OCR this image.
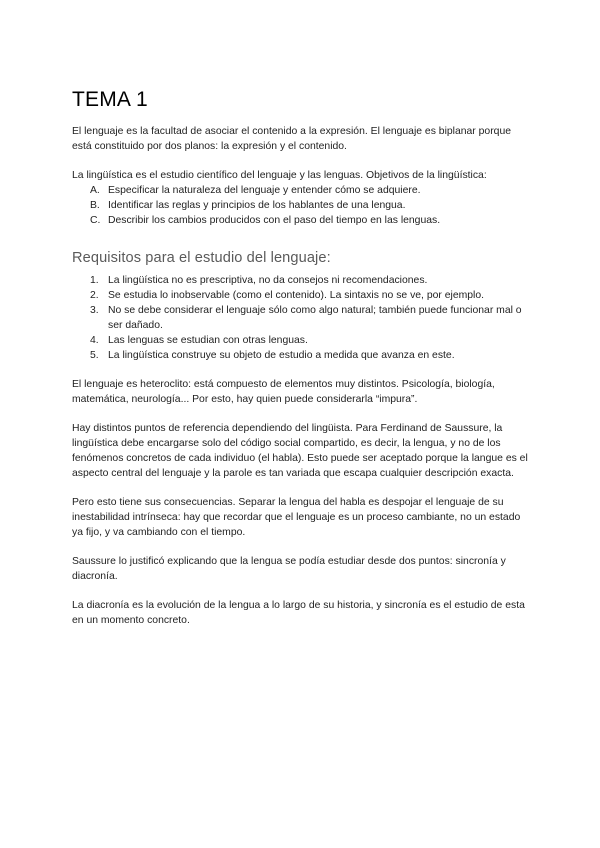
TEMA 1

El lenguaje es la facultad de asociar el contenido a la expresión. El lenguaje es biplanar porque está constituido por dos planos: la expresión y el contenido.

La lingüística es el estudio científico del lenguaje y las lenguas. Objetivos de la lingüística:

A. Especificar la naturaleza del lenguaje y entender cómo se adquiere.
B. Identificar las reglas y principios de los hablantes de una lengua.
C. Describir los cambios producidos con el paso del tiempo en las lenguas.
Requisitos para el estudio del lenguaje:
1. La lingüística no es prescriptiva, no da consejos ni recomendaciones.
2. Se estudia lo inobservable (como el contenido). La sintaxis no se ve, por ejemplo.
3. No se debe considerar el lenguaje sólo como algo natural; también puede funcionar mal o ser dañado.
4. Las lenguas se estudian con otras lenguas.
5. La lingüística construye su objeto de estudio a medida que avanza en este.

El lenguaje es heteroclito: está compuesto de elementos muy distintos. Psicología, biología, matemática, neurología... Por esto, hay quien puede considerarla “impura”.

Hay distintos puntos de referencia dependiendo del lingüista. Para Ferdinand de Saussure, la lingüística debe encargarse solo del código social compartido, es decir, la lengua, y no de los fenómenos concretos de cada individuo (el habla). Esto puede ser aceptado porque la langue es el aspecto central del lenguaje y la parole es tan variada que escapa cualquier descripción exacta.

Pero esto tiene sus consecuencias. Separar la lengua del habla es despojar el lenguaje de su inestabilidad intrínseca: hay que recordar que el lenguaje es un proceso cambiante, no un estado ya fijo, y va cambiando con el tiempo.

Saussure lo justificó explicando que la lengua se podía estudiar desde dos puntos: sincronía y diacronía.

La diacronía es la evolución de la lengua a lo largo de su historia, y sincronía es el estudio de esta en un momento concreto.
